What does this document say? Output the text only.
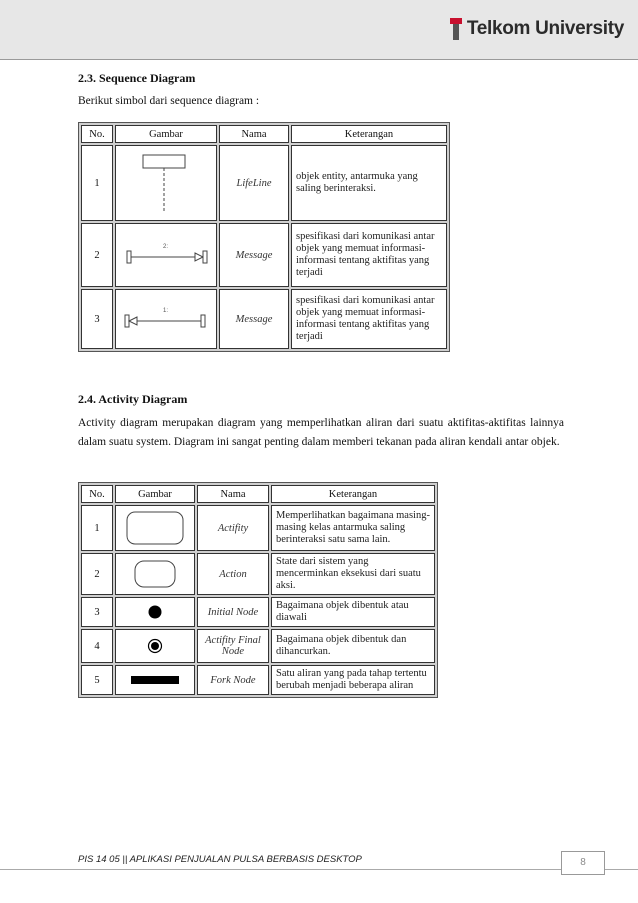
Telkom University
2.3. Sequence Diagram

Berikut simbol dari sequence diagram :

No.	Gambar	Nama	Keterangan
1		LifeLine	objek entity, antarmuka yang saling berinteraksi.
2	2:	Message	spesifikasi dari komunikasi antar objek yang memuat informasi-informasi tentang aktifitas yang terjadi
3	1:	Message	spesifikasi dari komunikasi antar objek yang memuat informasi-informasi tentang aktifitas yang terjadi
2.4. Activity Diagram

Activity diagram merupakan diagram yang memperlihatkan aliran dari suatu aktifitas-aktifitas lainnya dalam suatu system. Diagram ini sangat penting dalam memberi tekanan pada aliran kendali antar objek.

No.	Gambar	Nama	Keterangan
1		Actifity	Memperlihatkan bagaimana masing-masing kelas antarmuka saling berinteraksi satu sama lain.
2		Action	State dari sistem yang mencerminkan eksekusi dari suatu aksi.
3		Initial Node	Bagaimana objek dibentuk atau diawali
4		Actifity Final Node	Bagaimana objek dibentuk dan dihancurkan.
5		Fork Node	Satu aliran yang pada tahap tertentu berubah menjadi beberapa aliran
PIS 14 05 || APLIKASI PENJUALAN PULSA BERBASIS DESKTOP	8
